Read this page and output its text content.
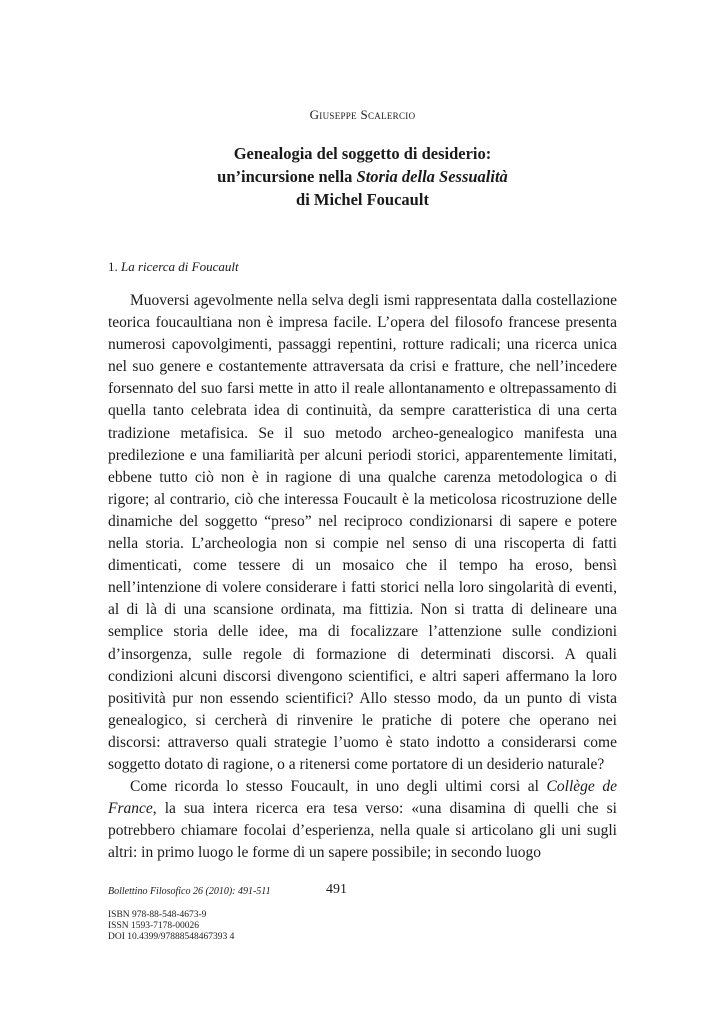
Giuseppe Scalercio
Genealogia del soggetto di desiderio:
un’incursione nella Storia della Sessualità
di Michel Foucault
1. La ricerca di Foucault

Muoversi agevolmente nella selva degli ismi rappresentata dalla costellazione teorica foucaultiana non è impresa facile. L’opera del filosofo francese presenta numerosi capovolgimenti, passaggi repentini, rotture radicali; una ricerca unica nel suo genere e costantemente attraversata da crisi e fratture, che nell’incedere forsennato del suo farsi mette in atto il reale allontanamento e oltrepassamento di quella tanto celebrata idea di continuità, da sempre caratteristica di una certa tradizione metafisica. Se il suo metodo archeo-genealogico manifesta una predilezione e una familiarità per alcuni periodi storici, apparentemente limitati, ebbene tutto ciò non è in ragione di una qualche carenza metodologica o di rigore; al contrario, ciò che interessa Foucault è la meticolosa ricostruzione delle dinamiche del soggetto “preso” nel reciproco condizionarsi di sapere e potere nella storia. L’archeologia non si compie nel senso di una riscoperta di fatti dimenticati, come tessere di un mosaico che il tempo ha eroso, bensì nell’intenzione di volere considerare i fatti storici nella loro singolarità di eventi, al di là di una scansione ordinata, ma fittizia. Non si tratta di delineare una semplice storia delle idee, ma di focalizzare l’attenzione sulle condizioni d’insorgenza, sulle regole di formazione di determinati discorsi. A quali condizioni alcuni discorsi divengono scientifici, e altri saperi affermano la loro positività pur non essendo scientifici? Allo stesso modo, da un punto di vista genealogico, si cercherà di rinvenire le pratiche di potere che operano nei discorsi: attraverso quali strategie l’uomo è stato indotto a considerarsi come soggetto dotato di ragione, o a ritenersi come portatore di un desiderio naturale?

Come ricorda lo stesso Foucault, in uno degli ultimi corsi al Collège de France, la sua intera ricerca era tesa verso: «una disamina di quelli che si potrebbero chiamare focolai d’esperienza, nella quale si articolano gli uni sugli altri: in primo luogo le forme di un sapere possibile; in secondo luogo

Bollettino Filosofico 26 (2010): 491-511	491
ISBN 978-88-548-4673-9
ISSN 1593-7178-00026
DOI 10.4399/97888548467393 4
